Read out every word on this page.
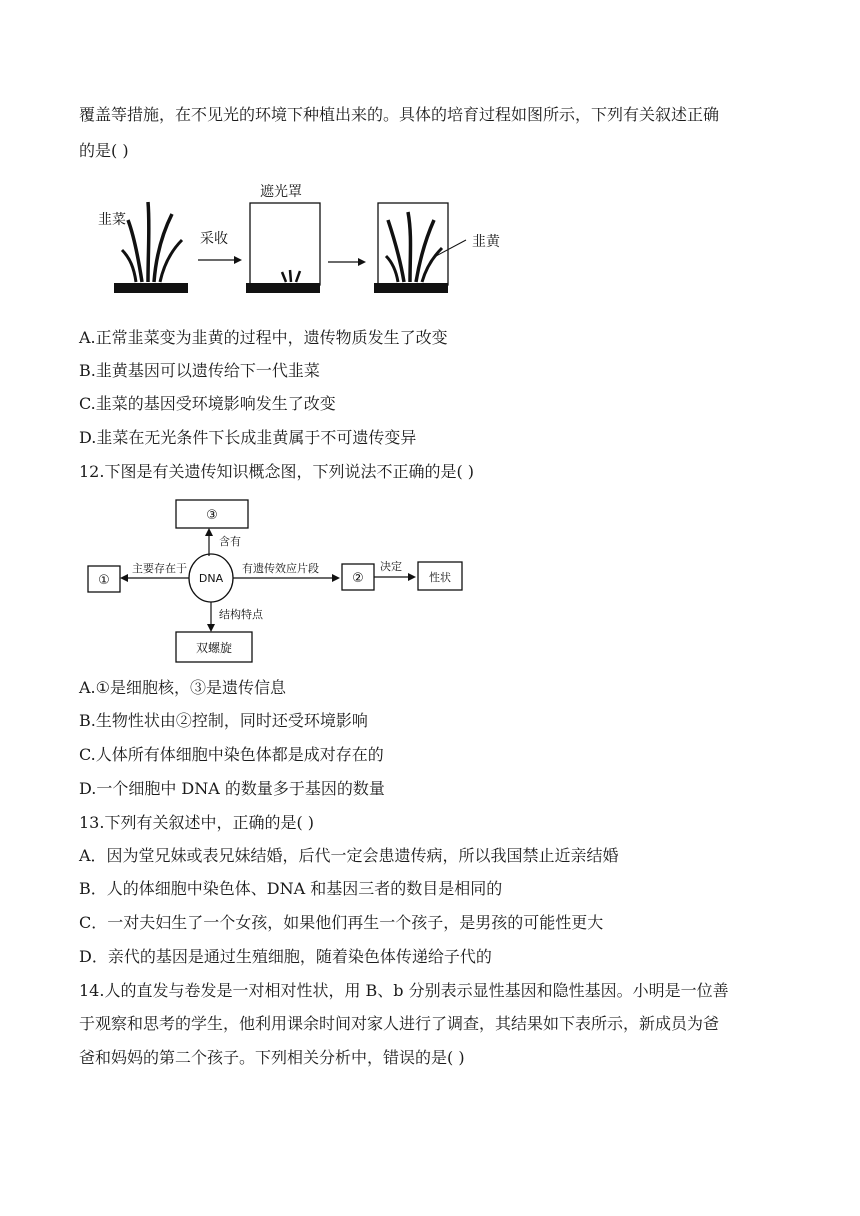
覆盖等措施，在不见光的环境下种植出来的。具体的培育过程如图所示，下列有关叙述正确
的是( )
韭菜
采收
遮光罩
韭黄
A.正常韭菜变为韭黄的过程中，遗传物质发生了改变
B.韭黄基因可以遗传给下一代韭菜
C.韭菜的基因受环境影响发生了改变
D.韭菜在无光条件下长成韭黄属于不可遗传变异
12.下图是有关遗传知识概念图，下列说法不正确的是( )
③
含有
DNA
①
主要存在于	有遗传效应片段
②
决定
性状
结构特点
双螺旋
A.①是细胞核，③是遗传信息
B.生物性状由②控制，同时还受环境影响
C.人体所有体细胞中染色体都是成对存在的
D.一个细胞中 DNA 的数量多于基因的数量
13.下列有关叙述中，正确的是( )
A．因为堂兄妹或表兄妹结婚，后代一定会患遗传病，所以我国禁止近亲结婚
B．人的体细胞中染色体、DNA 和基因三者的数目是相同的
C．一对夫妇生了一个女孩，如果他们再生一个孩子，是男孩的可能性更大
D．亲代的基因是通过生殖细胞，随着染色体传递给子代的
14.人的直发与卷发是一对相对性状，用 B、b 分别表示显性基因和隐性基因。小明是一位善
于观察和思考的学生，他利用课余时间对家人进行了调查，其结果如下表所示，新成员为爸
爸和妈妈的第二个孩子。下列相关分析中，错误的是( )
